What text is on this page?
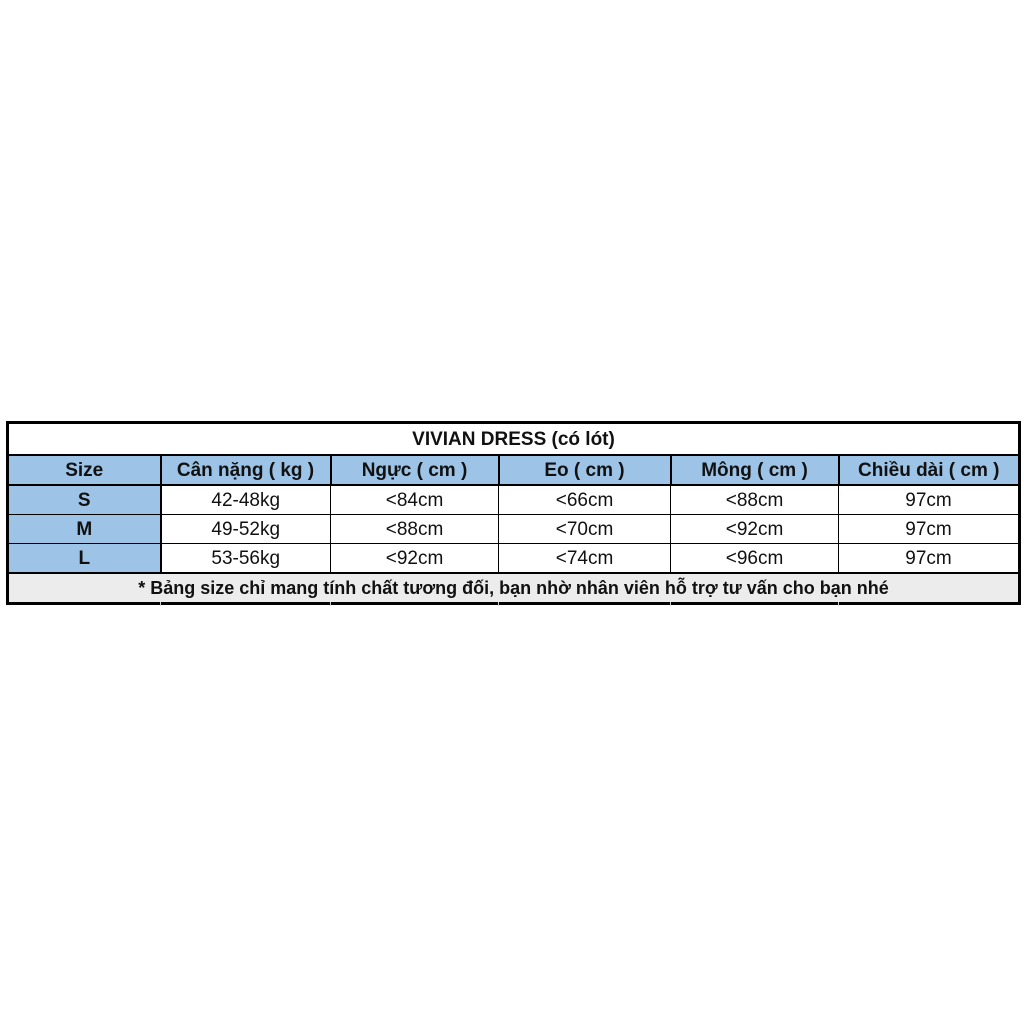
VIVIAN DRESS (có lót)					
Size	Cân nặng ( kg )	Ngực ( cm )	Eo ( cm )	Mông ( cm )	Chiều dài ( cm )
S	42-48kg	<84cm	<66cm	<88cm	97cm
M	49-52kg	<88cm	<70cm	<92cm	97cm
L	53-56kg	<92cm	<74cm	<96cm	97cm
* Bảng size chỉ mang tính chất tương đối, bạn nhờ nhân viên hỗ trợ tư vấn cho bạn nhé					
